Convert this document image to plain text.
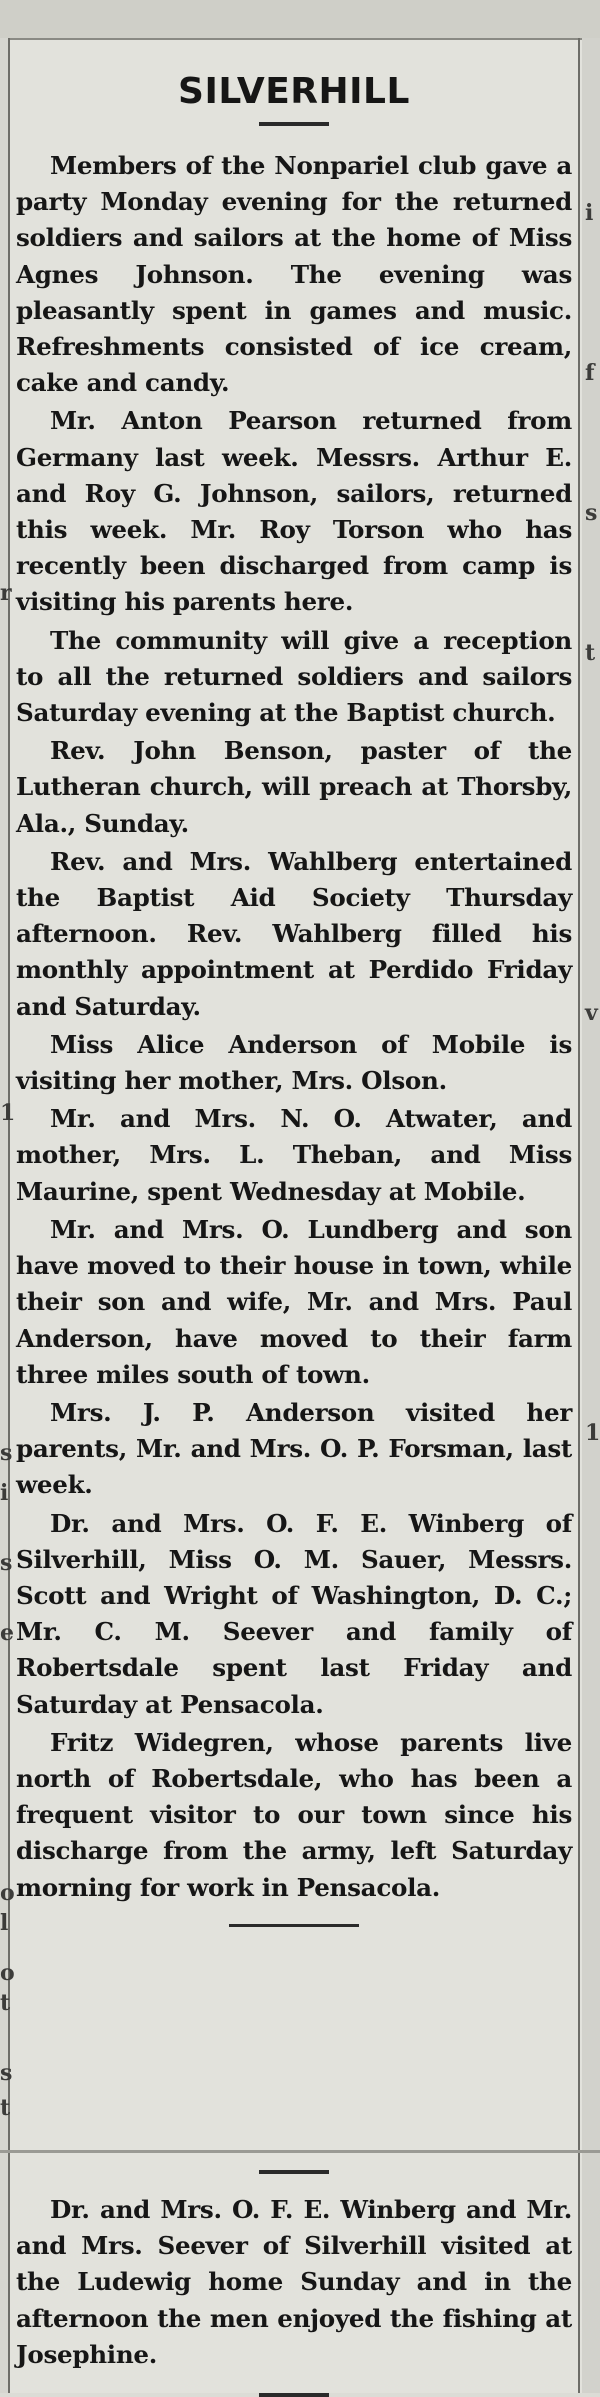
i
f
s
t
v
1
r
1
s
i
s
e
o
l
o
t
s
t
SILVERHILL

Members of the Nonpariel club gave a party Monday evening for the returned soldiers and sailors at the home of Miss Agnes Johnson. The evening was pleasantly spent in games and music. Refreshments consisted of ice cream, cake and candy.

Mr. Anton Pearson returned from Germany last week. Messrs. Arthur E. and Roy G. Johnson, sailors, returned this week. Mr. Roy Torson who has recently been discharged from camp is visiting his parents here.

The community will give a reception to all the returned soldiers and sailors Saturday evening at the Baptist church.

Rev. John Benson, paster of the Lutheran church, will preach at Thorsby, Ala., Sunday.

Rev. and Mrs. Wahlberg entertained the Baptist Aid Society Thursday afternoon. Rev. Wahlberg filled his monthly appointment at Perdido Friday and Saturday.

Miss Alice Anderson of Mobile is visiting her mother, Mrs. Olson.

Mr. and Mrs. N. O. Atwater, and mother, Mrs. L. Theban, and Miss Maurine, spent Wednesday at Mobile.

Mr. and Mrs. O. Lundberg and son have moved to their house in town, while their son and wife, Mr. and Mrs. Paul Anderson, have moved to their farm three miles south of town.

Mrs. J. P. Anderson visited her parents, Mr. and Mrs. O. P. Forsman, last week.

Dr. and Mrs. O. F. E. Winberg of Silverhill, Miss O. M. Sauer, Messrs. Scott and Wright of Washington, D. C.; Mr. C. M. Seever and family of Robertsdale spent last Friday and Saturday at Pensacola.

Fritz Widegren, whose parents live north of Robertsdale, who has been a frequent visitor to our town since his discharge from the army, left Saturday morning for work in Pensacola.

Dr. and Mrs. O. F. E. Winberg and Mr. and Mrs. Seever of Silverhill visited at the Ludewig home Sunday and in the afternoon the men enjoyed the fishing at Josephine.
